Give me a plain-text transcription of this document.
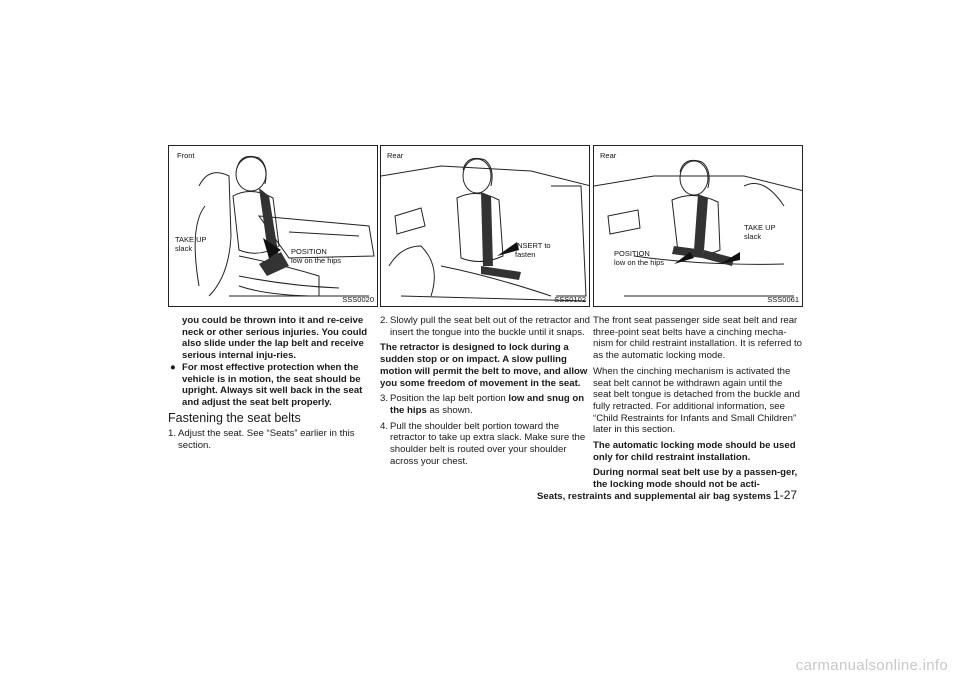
Front
TAKE UP
slack	POSITION
low on the hips
SSS0020

you could be thrown into it and re-ceive neck or other serious injuries. You could also slide under the lap belt and receive serious internal inju-ries.

● For most effective protection when the vehicle is in motion, the seat should be upright. Always sit well back in the seat and adjust the seat belt properly.

Fastening the seat belts

1. Adjust the seat. See “Seats” earlier in this section.

Rear
INSERT to
fasten
SSS0102

2. Slowly pull the seat belt out of the retractor and insert the tongue into the buckle until it snaps.

The retractor is designed to lock during a sudden stop or on impact. A slow pulling motion will permit the belt to move, and allow you some freedom of movement in the seat.

3. Position the lap belt portion low and snug on the hips as shown.

4. Pull the shoulder belt portion toward the retractor to take up extra slack. Make sure the shoulder belt is routed over your shoulder across your chest.

Rear
TAKE UP
slack
POSITION
low on the hips
SSS0061

The front seat passenger side seat belt and rear three-point seat belts have a cinching mecha-nism for child restraint installation. It is referred to as the automatic locking mode.

When the cinching mechanism is activated the seat belt cannot be withdrawn again until the seat belt tongue is detached from the buckle and fully retracted. For additional information, see “Child Restraints for Infants and Small Children” later in this section.

The automatic locking mode should be used only for child restraint installation.

During normal seat belt use by a passen-ger, the locking mode should not be acti-

Seats, restraints and supplemental air bag systems 1-27
carmanualsonline.info
